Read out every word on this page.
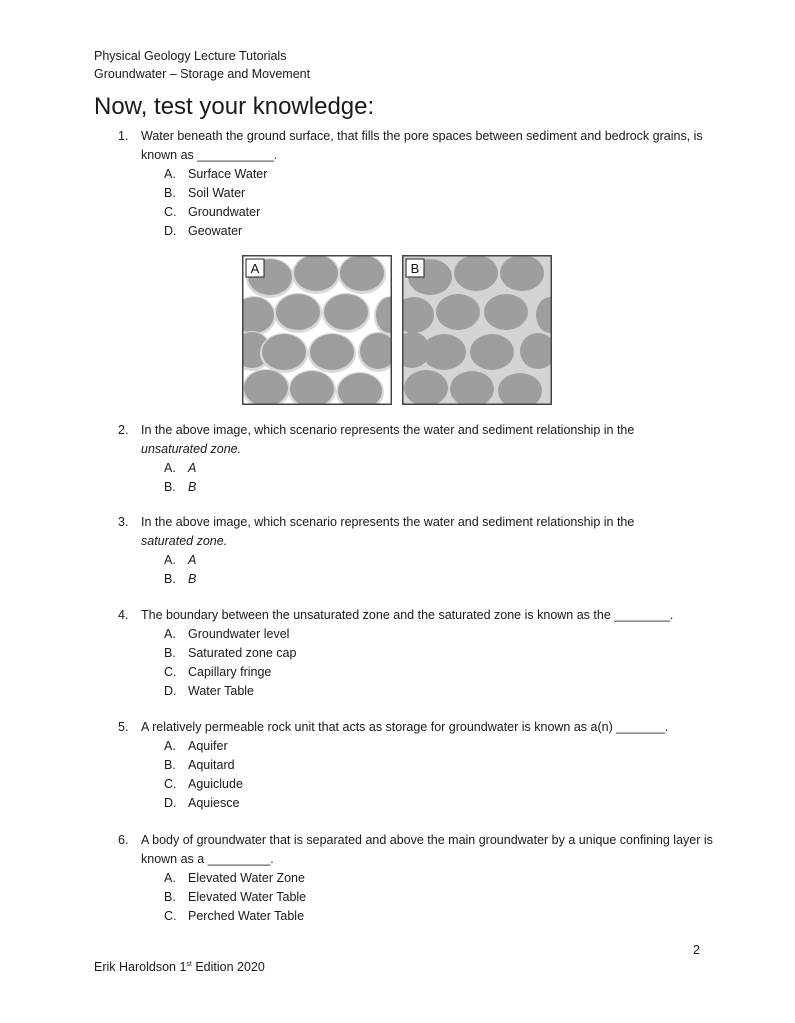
Physical Geology Lecture Tutorials
Groundwater – Storage and Movement
Now, test your knowledge:
1. Water beneath the ground surface, that fills the pore spaces between sediment and bedrock grains, is known as ___________.
A. Surface Water
B. Soil Water
C. Groundwater
D. Geowater
A	B
2. In the above image, which scenario represents the water and sediment relationship in the
unsaturated zone.
A. A
B. B
3. In the above image, which scenario represents the water and sediment relationship in the
saturated zone.
A. A
B. B
4. The boundary between the unsaturated zone and the saturated zone is known as the ________.
A. Groundwater level
B. Saturated zone cap
C. Capillary fringe
D. Water Table
5. A relatively permeable rock unit that acts as storage for groundwater is known as a(n) _______.
A. Aquifer
B. Aquitard
C. Aguiclude
D. Aquiesce
6. A body of groundwater that is separated and above the main groundwater by a unique confining layer is known as a _________.
A. Elevated Water Zone
B. Elevated Water Table
C. Perched Water Table
2
Erik Haroldson 1st Edition 2020
